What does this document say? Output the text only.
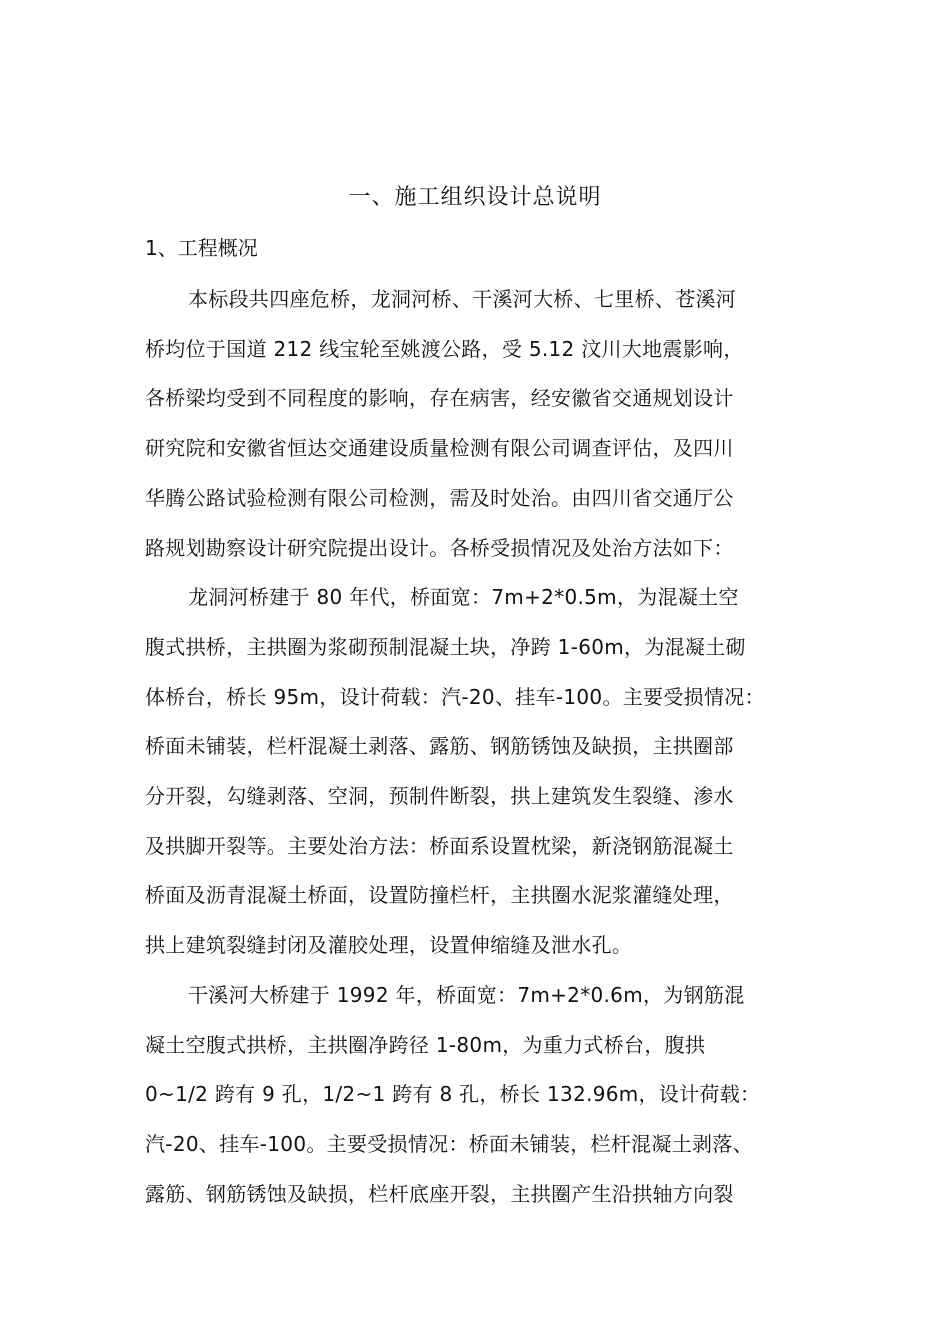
一、施工组织设计总说明
1、工程概况
本标段共四座危桥，龙洞河桥、干溪河大桥、七里桥、苍溪河
桥均位于国道 212 线宝轮至姚渡公路，受 5.12 汶川大地震影响，
各桥梁均受到不同程度的影响，存在病害，经安徽省交通规划设计
研究院和安徽省恒达交通建设质量检测有限公司调查评估，及四川
华腾公路试验检测有限公司检测，需及时处治。由四川省交通厅公
路规划勘察设计研究院提出设计。各桥受损情况及处治方法如下：
龙洞河桥建于 80 年代，桥面宽：7m+2*0.5m，为混凝土空
腹式拱桥，主拱圈为浆砌预制混凝土块，净跨 1-60m，为混凝土砌
体桥台，桥长 95m，设计荷载：汽-20、挂车-100。主要受损情况：
桥面未铺装，栏杆混凝土剥落、露筋、钢筋锈蚀及缺损，主拱圈部
分开裂，勾缝剥落、空洞，预制件断裂，拱上建筑发生裂缝、渗水
及拱脚开裂等。主要处治方法：桥面系设置枕梁，新浇钢筋混凝土
桥面及沥青混凝土桥面，设置防撞栏杆，主拱圈水泥浆灌缝处理，
拱上建筑裂缝封闭及灌胶处理，设置伸缩缝及泄水孔。
干溪河大桥建于 1992 年，桥面宽：7m+2*0.6m，为钢筋混
凝土空腹式拱桥，主拱圈净跨径 1-80m，为重力式桥台，腹拱
0~1/2 跨有 9 孔，1/2~1 跨有 8 孔，桥长 132.96m，设计荷载：
汽-20、挂车-100。主要受损情况：桥面未铺装，栏杆混凝土剥落、
露筋、钢筋锈蚀及缺损，栏杆底座开裂，主拱圈产生沿拱轴方向裂
